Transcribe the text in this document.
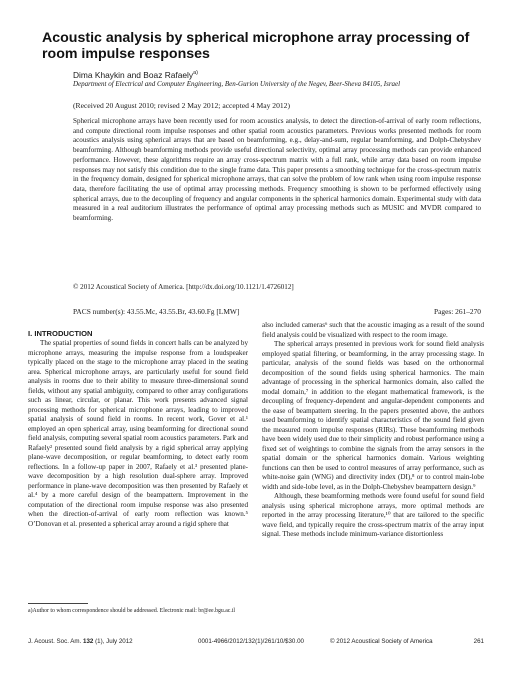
Acoustic analysis by spherical microphone array processing of room impulse responses
Dima Khaykin and Boaz Rafaely$^{a)}$
Department of Electrical and Computer Engineering, Ben-Gurion University of the Negev, Beer-Sheva 84105, Israel
(Received 20 August 2010; revised 2 May 2012; accepted 4 May 2012)
Spherical microphone arrays have been recently used for room acoustics analysis, to detect the direction-of-arrival of early room reflections, and compute directional room impulse responses and other spatial room acoustics parameters. Previous works presented methods for room acoustics analysis using spherical arrays that are based on beamforming, e.g., delay-and-sum, regular beamforming, and Dolph-Chebyshev beamforming. Although beamforming methods provide useful directional selectivity, optimal array processing methods can provide enhanced performance. However, these algorithms require an array cross-spectrum matrix with a full rank, while array data based on room impulse responses may not satisfy this condition due to the single frame data. This paper presents a smoothing technique for the cross-spectrum matrix in the frequency domain, designed for spherical microphone arrays, that can solve the problem of low rank when using room impulse response data, therefore facilitating the use of optimal array processing methods. Frequency smoothing is shown to be performed effectively using spherical arrays, due to the decoupling of frequency and angular components in the spherical harmonics domain. Experimental study with data measured in a real auditorium illustrates the performance of optimal array processing methods such as MUSIC and MVDR compared to beamforming.
© 2012 Acoustical Society of America. [http://dx.doi.org/10.1121/1.4726012]
PACS number(s): 43.55.Mc, 43.55.Br, 43.60.Fg [LMW]	Pages: 261–270
I. INTRODUCTION

The spatial properties of sound fields in concert halls can be analyzed by microphone arrays, measuring the impulse response from a loudspeaker typically placed on the stage to the microphone array placed in the seating area. Spherical microphone arrays, are particularly useful for sound field analysis in rooms due to their ability to measure three-dimensional sound fields, without any spatial ambiguity, compared to other array configurations such as linear, circular, or planar. This work presents advanced signal processing methods for spherical microphone arrays, leading to improved spatial analysis of sound field in rooms. In recent work, Gover et al.¹ employed an open spherical array, using beamforming for directional sound field analysis, computing several spatial room acoustics parameters. Park and Rafaely² presented sound field analysis by a rigid spherical array applying plane-wave decomposition, or regular beamforming, to detect early room reflections. In a follow-up paper in 2007, Rafaely et al.³ presented plane-wave decomposition by a high resolution dual-sphere array. Improved performance in plane-wave decomposition was then presented by Rafaely et al.⁴ by a more careful design of the beampattern. Improvement in the computation of the directional room impulse response was also presented when the direction-of-arrival of early room reflection was known.⁵ O’Donovan et al. presented a spherical array around a rigid sphere that

also included cameras⁶ such that the acoustic imaging as a result of the sound field analysis could be visualized with respect to the room image.

The spherical arrays presented in previous work for sound field analysis employed spatial filtering, or beamforming, in the array processing stage. In particular, analysis of the sound fields was based on the orthonormal decomposition of the sound fields using spherical harmonics. The main advantage of processing in the spherical harmonics domain, also called the modal domain,⁷ in addition to the elegant mathematical framework, is the decoupling of frequency-dependent and angular-dependent components and the ease of beampattern steering. In the papers presented above, the authors used beamforming to identify spatial characteristics of the sound field given the measured room impulse responses (RIRs). These beamforming methods have been widely used due to their simplicity and robust performance using a fixed set of weightings to combine the signals from the array sensors in the spatial domain or the spherical harmonics domain. Various weighting functions can then be used to control measures of array performance, such as white-noise gain (WNG) and directivity index (DI),⁸ or to control main-lobe width and side-lobe level, as in the Dolph-Chebyshev beampattern design.⁹

Although, these beamforming methods were found useful for sound field analysis using spherical microphone arrays, more optimal methods are reported in the array processing literature,¹⁰ that are tailored to the specific wave field, and typically require the cross-spectrum matrix of the array input signal. These methods include minimum-variance distortionless

a)Author to whom correspondence should be addressed. Electronic mail: br@ee.bgu.ac.il
J. Acoust. Soc. Am. 132 (1), July 2012	0001-4966/2012/132(1)/261/10/$30.00	© 2012 Acoustical Society of America	261
